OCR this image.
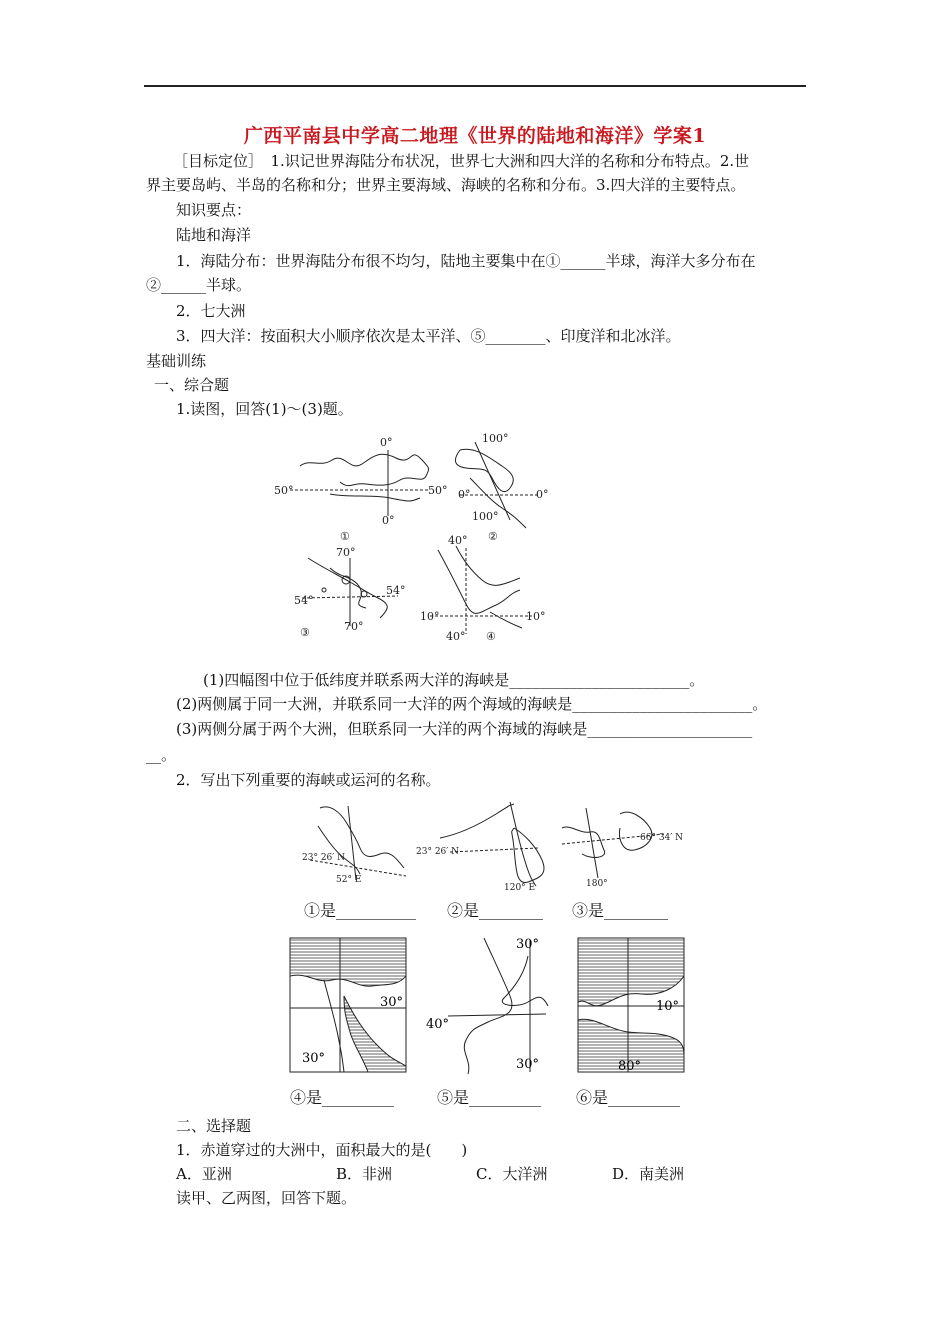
广西平南县中学高二地理《世界的陆地和海洋》学案1
［目标定位］　1.识记世界海陆分布状况，世界七大洲和四大洋的名称和分布特点。2.世
界主要岛屿、半岛的名称和分；世界主要海域、海峡的名称和分布。3.四大洋的主要特点。
知识要点：
陆地和海洋
1．海陆分布：世界海陆分布很不均匀，陆地主要集中在①______半球，海洋大多分布在
②______半球。
2．七大洲
3．四大洋：按面积大小顺序依次是太平洋、⑤________、印度洋和北冰洋。
基础训练
一、综合题
1.读图，回答(1)～(3)题。
0°
50°	50°
0°
①
100°
0°	0°
100°
②
70°
54°
54°
70°
③
40°
10°	10°
40° ④
(1)四幅图中位于低纬度并联系两大洋的海峡是________________________。
(2)两侧属于同一大洲，并联系同一大洋的两个海域的海峡是________________________。
(3)两侧分属于两个大洲，但联系同一大洋的两个海域的海峡是______________________
__。
2．写出下列重要的海峡或运河的名称。
23° 26′ N
52° E
23° 26′ N
120° E
66° 34′ N
180°
①是__________ ②是________ ③是________
30°
30°
30°
40°
30°
10°
80°
④是_________	⑤是_________ ⑥是_________
二、选择题
1．赤道穿过的大洲中，面积最大的是(　　)
A．亚洲	B．非洲	C．大洋洲	D．南美洲
读甲、乙两图，回答下题。
